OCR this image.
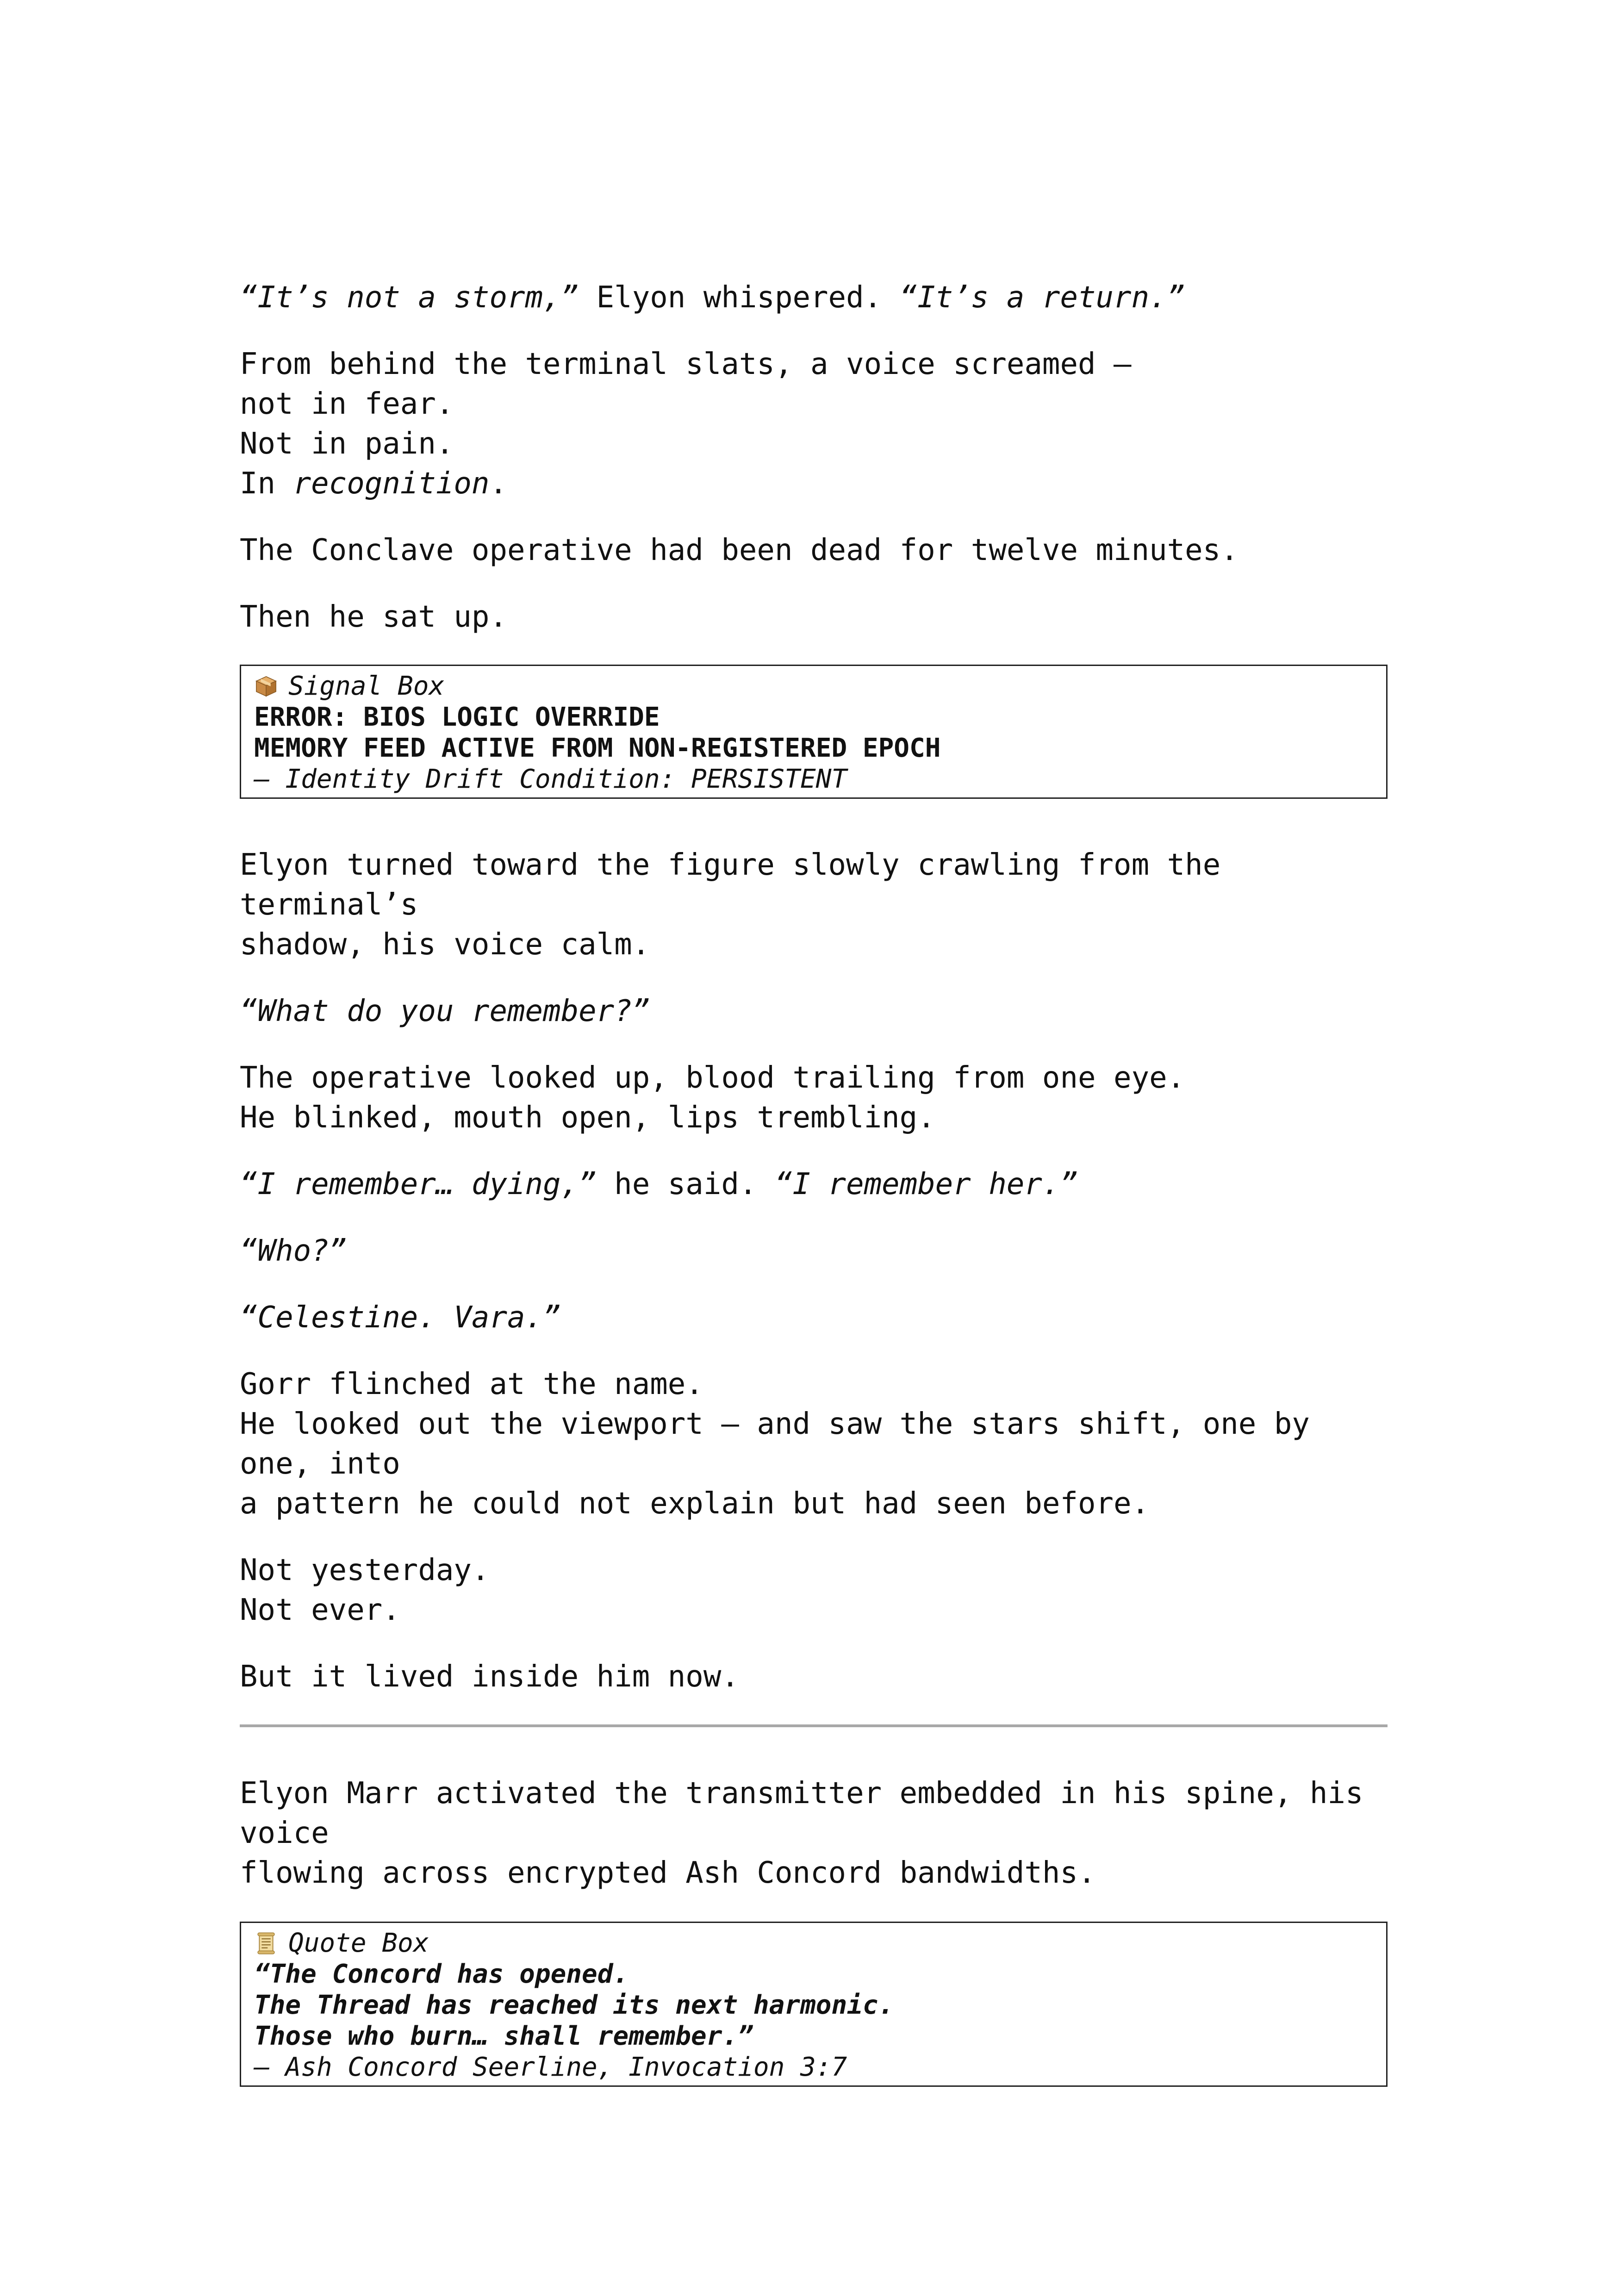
“It’s not a storm,” Elyon whispered. “It’s a return.”

From behind the terminal slats, a voice screamed —
not in fear.
Not in pain.
In recognition.

The Conclave operative had been dead for twelve minutes.

Then he sat up.

Signal Box
ERROR: BIOS LOGIC OVERRIDE
MEMORY FEED ACTIVE FROM NON-REGISTERED EPOCH
— Identity Drift Condition: PERSISTENT

Elyon turned toward the figure slowly crawling from the terminal’s
shadow, his voice calm.

“What do you remember?”

The operative looked up, blood trailing from one eye.
He blinked, mouth open, lips trembling.

“I remember… dying,” he said. “I remember her.”

“Who?”

“Celestine. Vara.”

Gorr flinched at the name.
He looked out the viewport — and saw the stars shift, one by one, into
a pattern he could not explain but had seen before.

Not yesterday.
Not ever.

But it lived inside him now.

Elyon Marr activated the transmitter embedded in his spine, his voice
flowing across encrypted Ash Concord bandwidths.

Quote Box
“The Concord has opened.
The Thread has reached its next harmonic.
Those who burn… shall remember.”
— Ash Concord Seerline, Invocation 3:7
